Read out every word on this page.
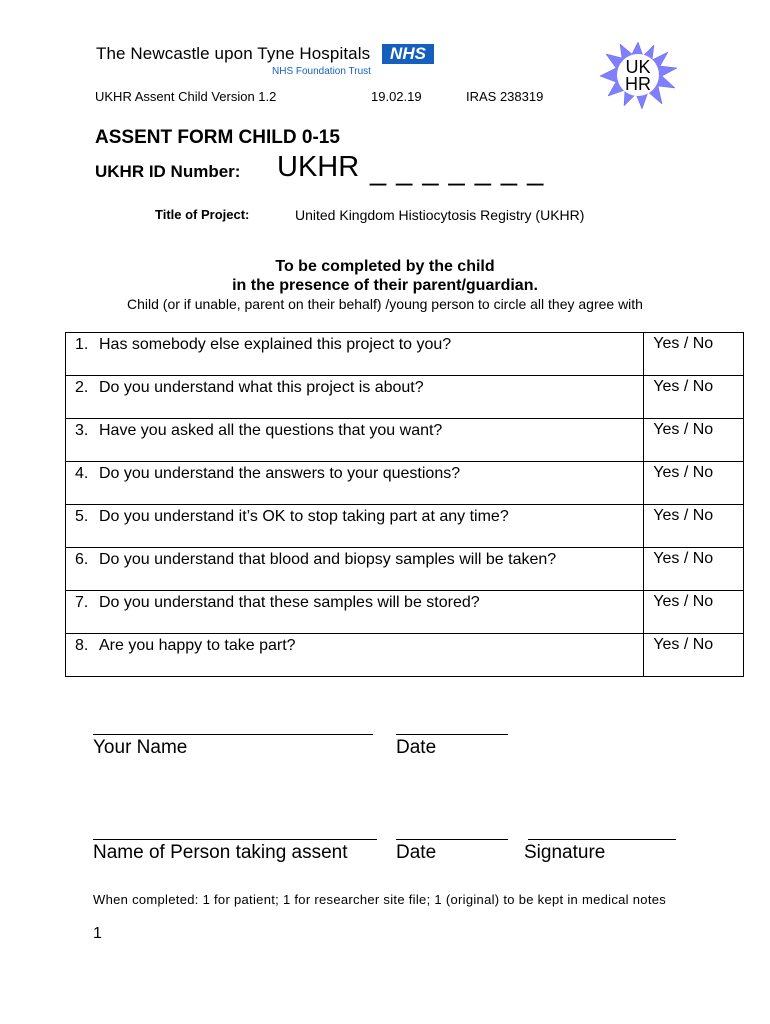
The Newcastle upon Tyne Hospitals	NHS
NHS Foundation Trust
UKHR Assent Child Version 1.2	19.02.19	IRAS 238319
UK
HR
ASSENT FORM CHILD 0-15
UKHR ID Number: UKHR _ _ _ _ _ _ _
Title of Project:	United Kingdom Histiocytosis Registry (UKHR)
To be completed by the child
in the presence of their parent/guardian.
Child (or if unable, parent on their behalf) /young person to circle all they agree with
1. Has somebody else explained this project to you?	Yes / No
2. Do you understand what this project is about?	Yes / No
3. Have you asked all the questions that you want?	Yes / No
4. Do you understand the answers to your questions?	Yes / No
5. Do you understand it’s OK to stop taking part at any time?	Yes / No
6. Do you understand that blood and biopsy samples will be taken?	Yes / No
7. Do you understand that these samples will be stored?	Yes / No
8. Are you happy to take part?	Yes / No
Your Name	Date
Name of Person taking assent	Date	Signature
When completed: 1 for patient; 1 for researcher site file; 1 (original) to be kept in medical notes
1
